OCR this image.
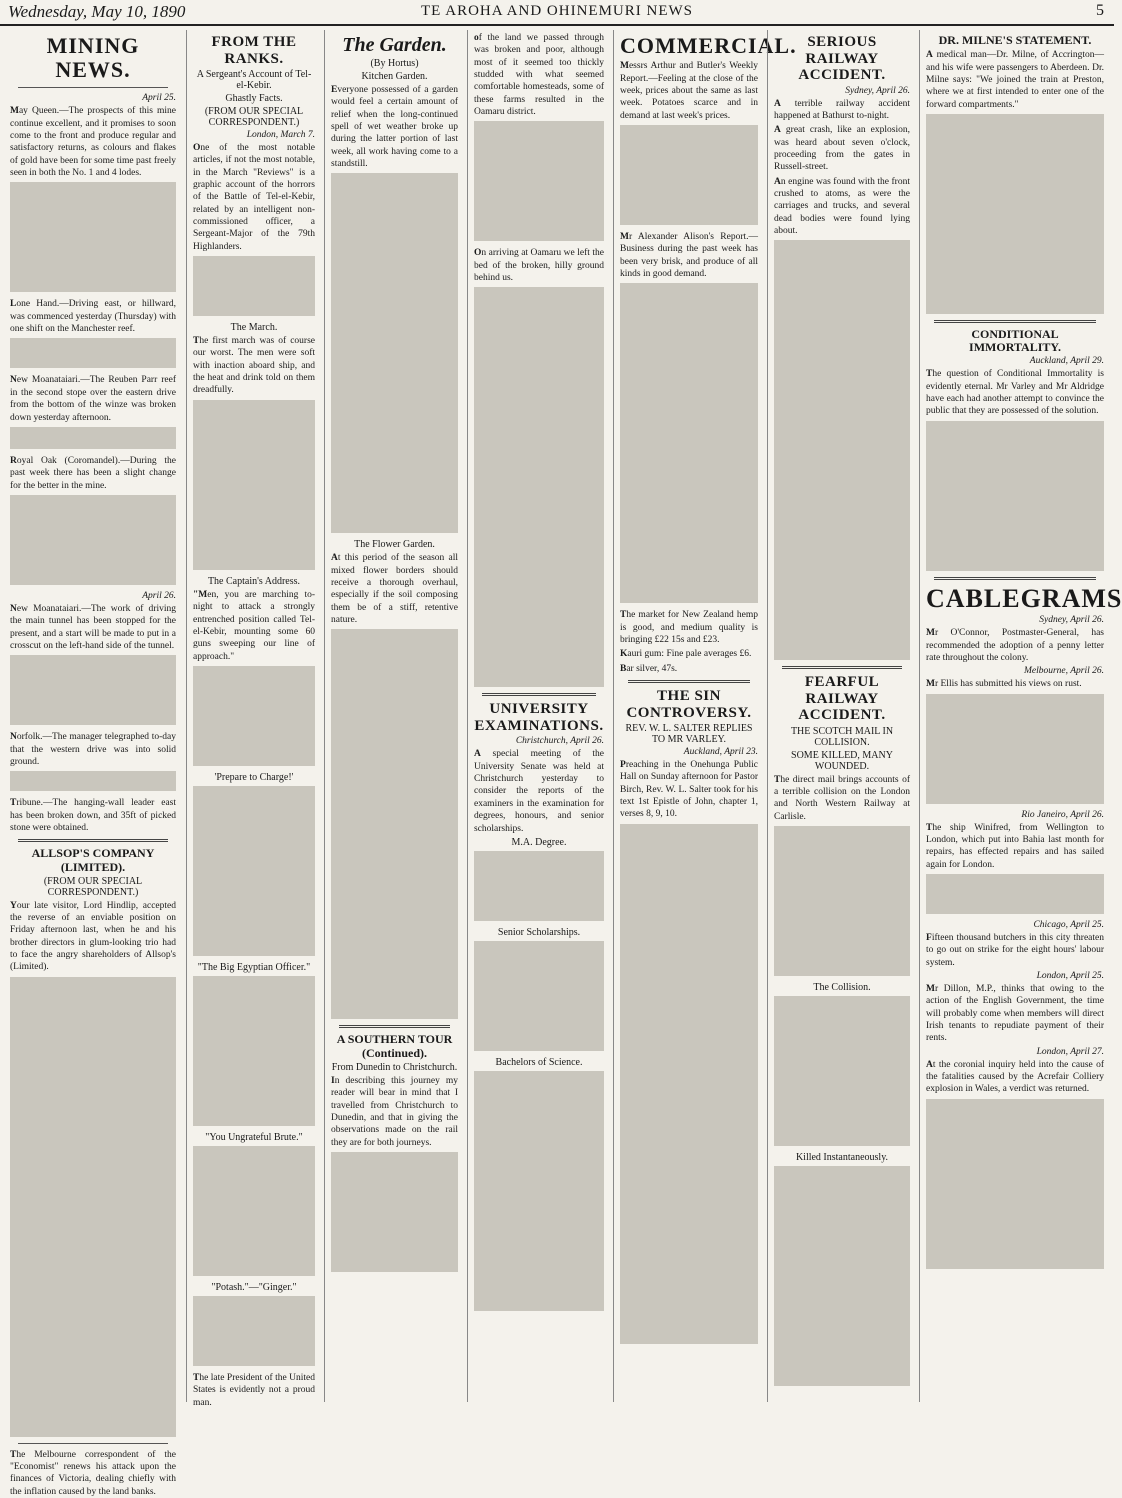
TE AROHA AND OHINEMURI NEWS
Wednesday, May 10, 1890	5
MINING NEWS.
April 25.

May Queen.—The prospects of this mine continue excellent, and it promises to soon come to the front and produce regular and satisfactory returns, as colours and flakes of gold have been for some time past freely seen in both the No. 1 and 4 lodes.

Lone Hand.—Driving east, or hillward, was commenced yesterday (Thursday) with one shift on the Manchester reef.

New Moanataiari.—The Reuben Parr reef in the second stope over the eastern drive from the bottom of the winze was broken down yesterday afternoon.

Royal Oak (Coromandel).—During the past week there has been a slight change for the better in the mine.

April 26.

New Moanataiari.—The work of driving the main tunnel has been stopped for the present, and a start will be made to put in a crosscut on the left-hand side of the tunnel.

Norfolk.—The manager telegraphed to-day that the western drive was into solid ground.

Tribune.—The hanging-wall leader east has been broken down, and 35ft of picked stone were obtained.

ALLSOP'S COMPANY (LIMITED).
(FROM OUR SPECIAL CORRESPONDENT.)

Your late visitor, Lord Hindlip, accepted the reverse of an enviable position on Friday afternoon last, when he and his brother directors in glum-looking trio had to face the angry shareholders of Allsop's (Limited).

The Melbourne correspondent of the "Economist" renews his attack upon the finances of Victoria, dealing chiefly with the inflation caused by the land banks.

FROM THE RANKS.
A Sergeant's Account of Tel-el-Kebir.
Ghastly Facts.
(FROM OUR SPECIAL CORRESPONDENT.)
London, March 7.

One of the most notable articles, if not the most notable, in the March "Reviews" is a graphic account of the horrors of the Battle of Tel-el-Kebir, related by an intelligent non-commissioned officer, a Sergeant-Major of the 79th Highlanders.

The March.

The first march was of course our worst. The men were soft with inaction aboard ship, and the heat and drink told on them dreadfully.

The Captain's Address.

"Men, you are marching to-night to attack a strongly entrenched position called Tel-el-Kebir, mounting some 60 guns sweeping our line of approach."

'Prepare to Charge!'
"The Big Egyptian Officer."
"You Ungrateful Brute."
"Potash."—"Ginger."

The late President of the United States is evidently not a proud man.

The Garden.
(By Hortus)
Kitchen Garden.

Everyone possessed of a garden would feel a certain amount of relief when the long-continued spell of wet weather broke up during the latter portion of last week, all work having come to a standstill.

The Flower Garden.

At this period of the season all mixed flower borders should receive a thorough overhaul, especially if the soil composing them be of a stiff, retentive nature.

A SOUTHERN TOUR (Continued).
From Dunedin to Christchurch.

In describing this journey my reader will bear in mind that I travelled from Christchurch to Dunedin, and that in giving the observations made on the rail they are for both journeys.

of the land we passed through was broken and poor, although most of it seemed too thickly studded with what seemed comfortable homesteads, some of these farms resulted in the Oamaru district.

On arriving at Oamaru we left the bed of the broken, hilly ground behind us.

UNIVERSITY EXAMINATIONS.
Christchurch, April 26.

A special meeting of the University Senate was held at Christchurch yesterday to consider the reports of the examiners in the examination for degrees, honours, and senior scholarships.

M.A. Degree.
Senior Scholarships.
Bachelors of Science.
COMMERCIAL.

Messrs Arthur and Butler's Weekly Report.—Feeling at the close of the week, prices about the same as last week. Potatoes scarce and in demand at last week's prices.

Mr Alexander Alison's Report.—Business during the past week has been very brisk, and produce of all kinds in good demand.

The market for New Zealand hemp is good, and medium quality is bringing £22 15s and £23.

Kauri gum: Fine pale averages £6.

Bar silver, 47s.

THE SIN CONTROVERSY.
REV. W. L. SALTER REPLIES TO MR VARLEY.
Auckland, April 23.

Preaching in the Onehunga Public Hall on Sunday afternoon for Pastor Birch, Rev. W. L. Salter took for his text 1st Epistle of John, chapter 1, verses 8, 9, 10.

SERIOUS RAILWAY ACCIDENT.
Sydney, April 26.

A terrible railway accident happened at Bathurst to-night.

A great crash, like an explosion, was heard about seven o'clock, proceeding from the gates in Russell-street.

An engine was found with the front crushed to atoms, as were the carriages and trucks, and several dead bodies were found lying about.

FEARFUL RAILWAY ACCIDENT.
THE SCOTCH MAIL IN COLLISION.
SOME KILLED, MANY WOUNDED.

The direct mail brings accounts of a terrible collision on the London and North Western Railway at Carlisle.

The Collision.
Killed Instantaneously.
DR. MILNE'S STATEMENT.

A medical man—Dr. Milne, of Accrington—and his wife were passengers to Aberdeen. Dr. Milne says: "We joined the train at Preston, where we at first intended to enter one of the forward compartments."

CONDITIONAL IMMORTALITY.
Auckland, April 29.

The question of Conditional Immortality is evidently eternal. Mr Varley and Mr Aldridge have each had another attempt to convince the public that they are possessed of the solution.

CABLEGRAMS
Sydney, April 26.

Mr O'Connor, Postmaster-General, has recommended the adoption of a penny letter rate throughout the colony.

Melbourne, April 26.

Mr Ellis has submitted his views on rust.

Rio Janeiro, April 26.

The ship Winifred, from Wellington to London, which put into Bahia last month for repairs, has effected repairs and has sailed again for London.

Chicago, April 25.

Fifteen thousand butchers in this city threaten to go out on strike for the eight hours' labour system.

London, April 25.

Mr Dillon, M.P., thinks that owing to the action of the English Government, the time will probably come when members will direct Irish tenants to repudiate payment of their rents.

London, April 27.

At the coronial inquiry held into the cause of the fatalities caused by the Acrefair Colliery explosion in Wales, a verdict was returned.
